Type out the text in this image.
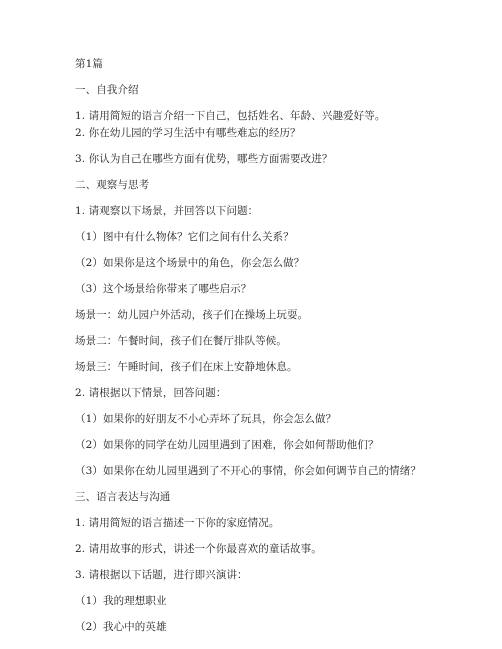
第1篇
一、自我介绍
1. 请用简短的语言介绍一下自己，包括姓名、年龄、兴趣爱好等。
2. 你在幼儿园的学习生活中有哪些难忘的经历？
3. 你认为自己在哪些方面有优势，哪些方面需要改进？
二、观察与思考
1. 请观察以下场景，并回答以下问题：
（1）图中有什么物体？它们之间有什么关系？
（2）如果你是这个场景中的角色，你会怎么做？
（3）这个场景给你带来了哪些启示？
场景一：幼儿园户外活动，孩子们在操场上玩耍。
场景二：午餐时间，孩子们在餐厅排队等候。
场景三：午睡时间，孩子们在床上安静地休息。
2. 请根据以下情景，回答问题：
（1）如果你的好朋友不小心弄坏了玩具，你会怎么做？
（2）如果你的同学在幼儿园里遇到了困难，你会如何帮助他们？
（3）如果你在幼儿园里遇到了不开心的事情，你会如何调节自己的情绪？
三、语言表达与沟通
1. 请用简短的语言描述一下你的家庭情况。
2. 请用故事的形式，讲述一个你最喜欢的童话故事。
3. 请根据以下话题，进行即兴演讲：
（1）我的理想职业
（2）我心中的英雄
